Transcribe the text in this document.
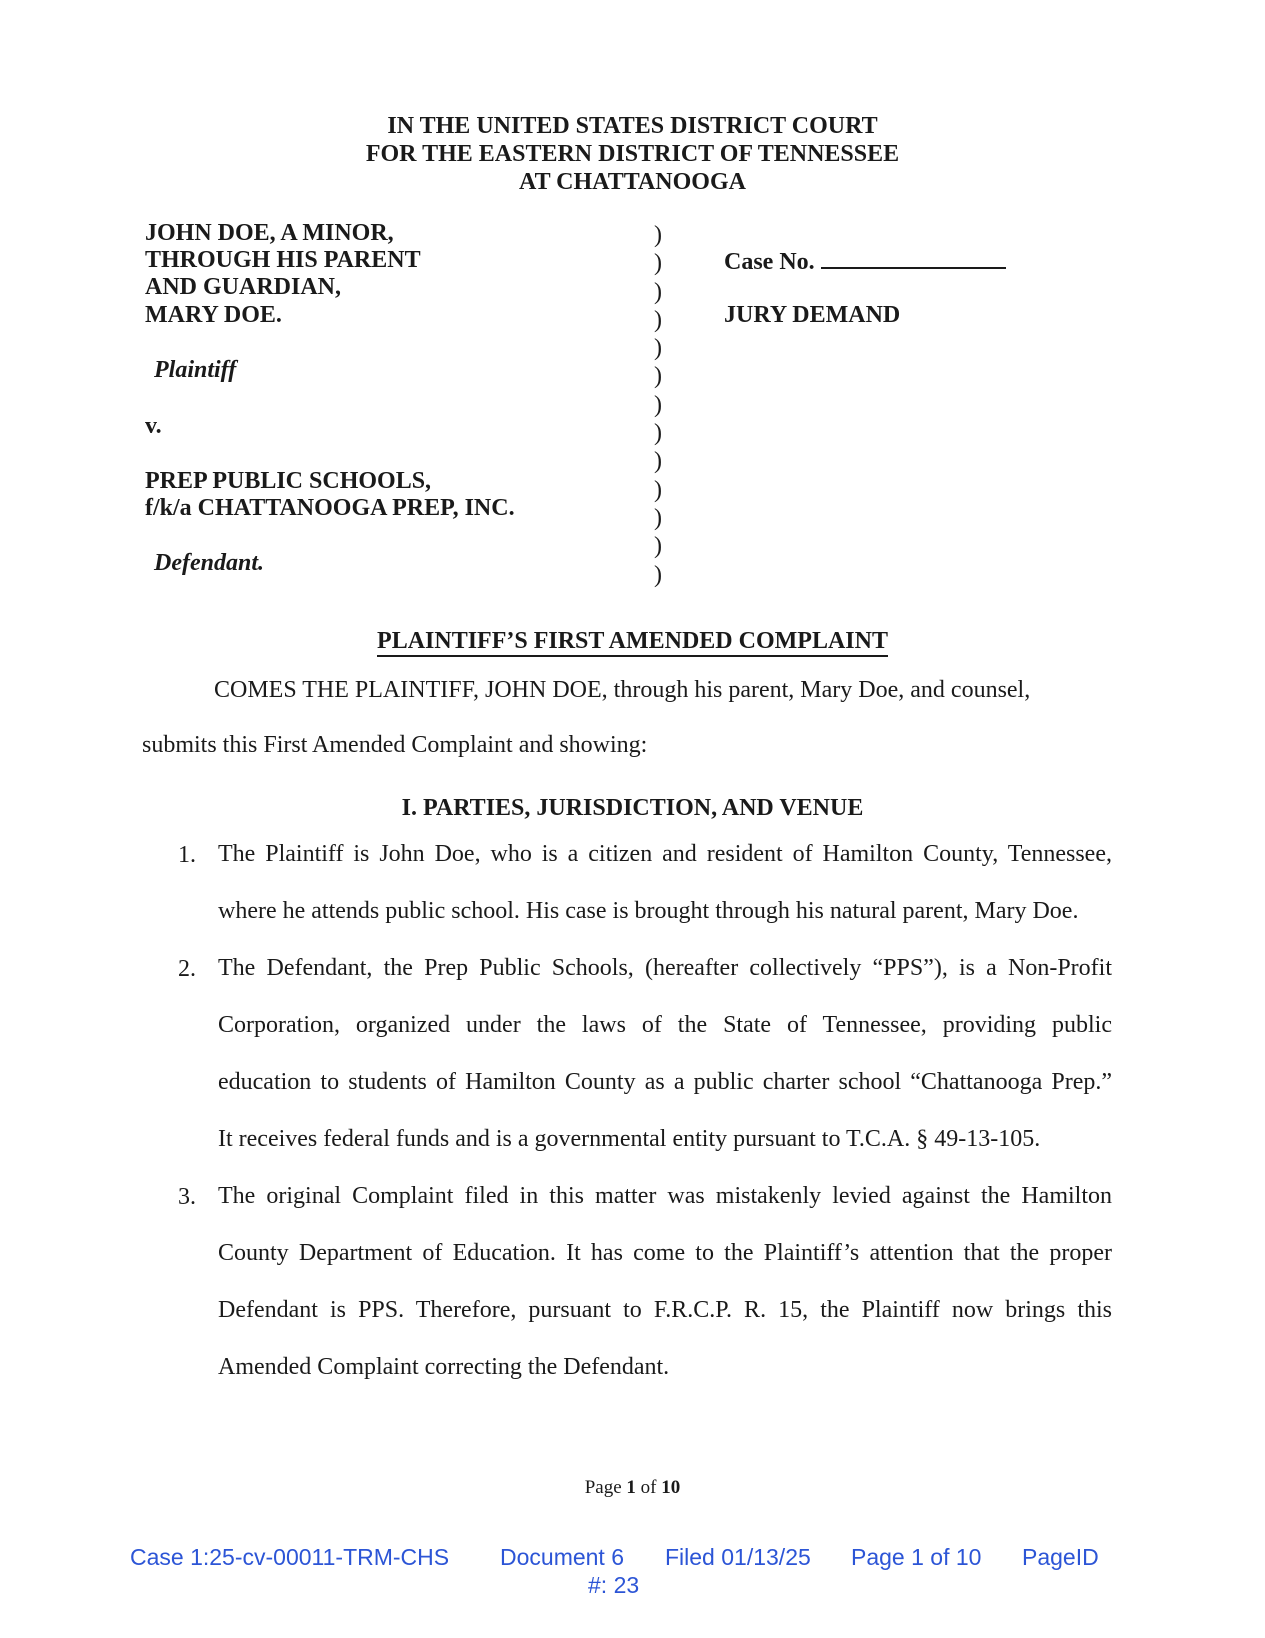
IN THE UNITED STATES DISTRICT COURT
FOR THE EASTERN DISTRICT OF TENNESSEE
AT CHATTANOOGA
JOHN DOE, A MINOR,
THROUGH HIS PARENT
AND GUARDIAN,
MARY DOE.
Plaintiff
v.
PREP PUBLIC SCHOOLS,
f/k/a CHATTANOOGA PREP, INC.
Defendant.
)
)
)
)
)
)
)
)
)
)
)
)
)
Case No.
JURY DEMAND
PLAINTIFF’S FIRST AMENDED COMPLAINT
COMES THE PLAINTIFF, JOHN DOE, through his parent, Mary Doe, and counsel,
submits this First Amended Complaint and showing:
I. PARTIES, JURISDICTION, AND VENUE
1. The Plaintiff is John Doe, who is a citizen and resident of Hamilton County, Tennessee,
where he attends public school. His case is brought through his natural parent, Mary Doe.
2. The Defendant, the Prep Public Schools, (hereafter collectively “PPS”), is a Non-Profit
Corporation, organized under the laws of the State of Tennessee, providing public
education to students of Hamilton County as a public charter school “Chattanooga Prep.”
It receives federal funds and is a governmental entity pursuant to T.C.A. § 49-13-105.
3. The original Complaint filed in this matter was mistakenly levied against the Hamilton
County Department of Education. It has come to the Plaintiff’s attention that the proper
Defendant is PPS. Therefore, pursuant to F.R.C.P. R. 15, the Plaintiff now brings this
Amended Complaint correcting the Defendant.
Page 1 of 10
Case 1:25-cv-00011-TRM-CHS Document 6 Filed 01/13/25 Page 1 of 10 PageID
#: 23
